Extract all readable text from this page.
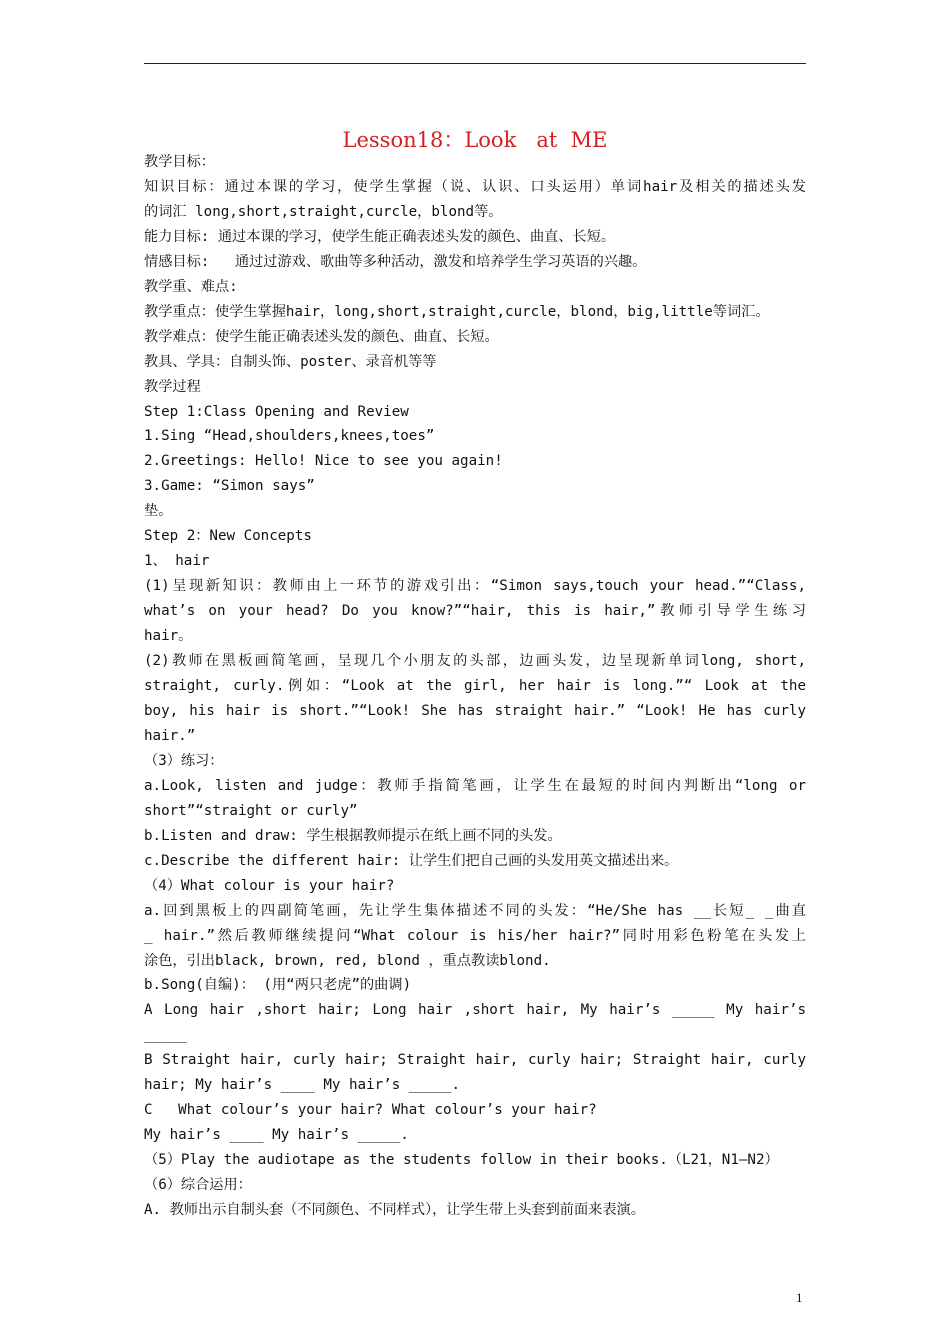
Lesson18：Look   at  ME
教学目标：
知识目标：通过本课的学习，使学生掌握（说、认识、口头运用）单词hair及相关的描述头发
的词汇 long,short,straight,curcle，blond等。
能力目标: 通过本课的学习，使学生能正确表述头发的颜色、曲直、长短。
情感目标:   通过过游戏、歌曲等多种活动，激发和培养学生学习英语的兴趣。
教学重、难点:
教学重点：使学生掌握hair，long,short,straight,curcle，blond，big,little等词汇。
教学难点：使学生能正确表述头发的颜色、曲直、长短。
教具、学具：自制头饰、poster、录音机等等
教学过程
Step 1:Class Opening and Review
1.Sing “Head,shoulders,knees,toes”
2.Greetings: Hello! Nice to see you again!
3.Game: “Simon says”
垫。
Step 2：New Concepts
1、 hair
(1)呈现新知识：教师由上一环节的游戏引出：“Simon says,touch your head.”“Class,
what’s on your head? Do you know?”“hair, this is hair,”教师引导学生练习
hair。
(2)教师在黑板画简笔画，呈现几个小朋友的头部，边画头发，边呈现新单词long, short,
straight, curly.例如：“Look at the girl, her hair is long.”“ Look at the
boy, his hair is short.”“Look! She has straight hair.” “Look! He has curly
hair.”
（3）练习：
a.Look, listen and judge：教师手指简笔画，让学生在最短的时间内判断出“long or
short”“straight or curly”
b.Listen and draw: 学生根据教师提示在纸上画不同的头发。
c.Describe the different hair: 让学生们把自己画的头发用英文描述出来。
（4）What colour is your hair?
a.回到黑板上的四副简笔画，先让学生集体描述不同的头发：“He/She has __长短_ _曲直
_ hair.”然后教师继续提问“What colour is his/her hair?”同时用彩色粉笔在头发上
涂色，引出black, brown, red, blond ，重点教读blond.
b.Song(自编)： (用“两只老虎”的曲调)
A Long hair ,short hair; Long hair ,short hair, My hair’s _____ My hair’s
_____
B Straight hair, curly hair; Straight hair, curly hair; Straight hair, curly
hair; My hair’s ____ My hair’s _____.
C   What colour’s your hair? What colour’s your hair?
My hair’s ____ My hair’s _____.
（5）Play the audiotape as the students follow in their books.（L21，N1—N2）
（6）综合运用：
A. 教师出示自制头套（不同颜色、不同样式），让学生带上头套到前面来表演。
1
